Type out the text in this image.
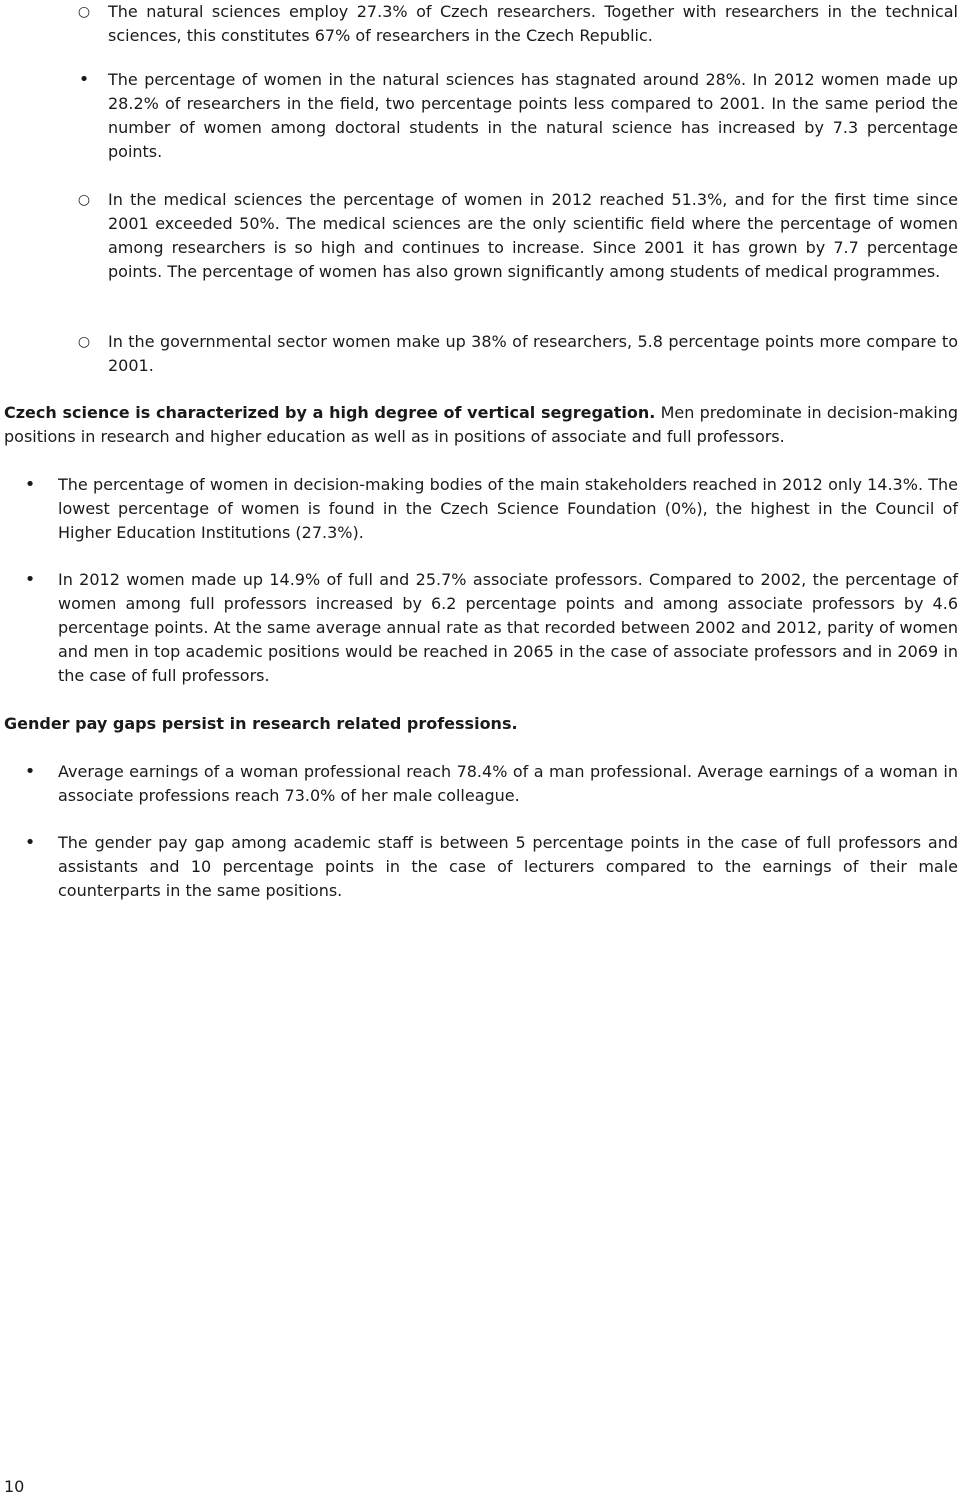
○ The natural sciences employ 27.3% of Czech researchers. Together with researchers in the technical sciences, this constitutes 67% of researchers in the Czech Republic.
• The percentage of women in the natural sciences has stagnated around 28%. In 2012 women made up 28.2% of researchers in the field, two percentage points less compared to 2001. In the same period the number of women among doctoral students in the natural science has increased by 7.3 percentage points.
○ In the medical sciences the percentage of women in 2012 reached 51.3%, and for the first time since 2001 exceeded 50%. The medical sciences are the only scientific field where the percentage of women among researchers is so high and continues to increase. Since 2001 it has grown by 7.7 percentage points. The percentage of women has also grown significantly among students of medical programmes.
○ In the governmental sector women make up 38% of researchers, 5.8 percentage points more compare to 2001.
Czech science is characterized by a high degree of vertical segregation. Men predominate in decision-making positions in research and higher education as well as in positions of associate and full professors.
• The percentage of women in decision-making bodies of the main stakeholders reached in 2012 only 14.3%. The lowest percentage of women is found in the Czech Science Foundation (0%), the highest in the Council of Higher Education Institutions (27.3%).
• In 2012 women made up 14.9% of full and 25.7% associate professors. Compared to 2002, the percentage of women among full professors increased by 6.2 percentage points and among associate professors by 4.6 percentage points. At the same average annual rate as that recorded between 2002 and 2012, parity of women and men in top academic positions would be reached in 2065 in the case of associate professors and in 2069 in the case of full professors.
Gender pay gaps persist in research related professions.
• Average earnings of a woman professional reach 78.4% of a man professional. Average earnings of a woman in associate professions reach 73.0% of her male colleague.
• The gender pay gap among academic staff is between 5 percentage points in the case of full professors and assistants and 10 percentage points in the case of lecturers compared to the earnings of their male counterparts in the same positions.
10
